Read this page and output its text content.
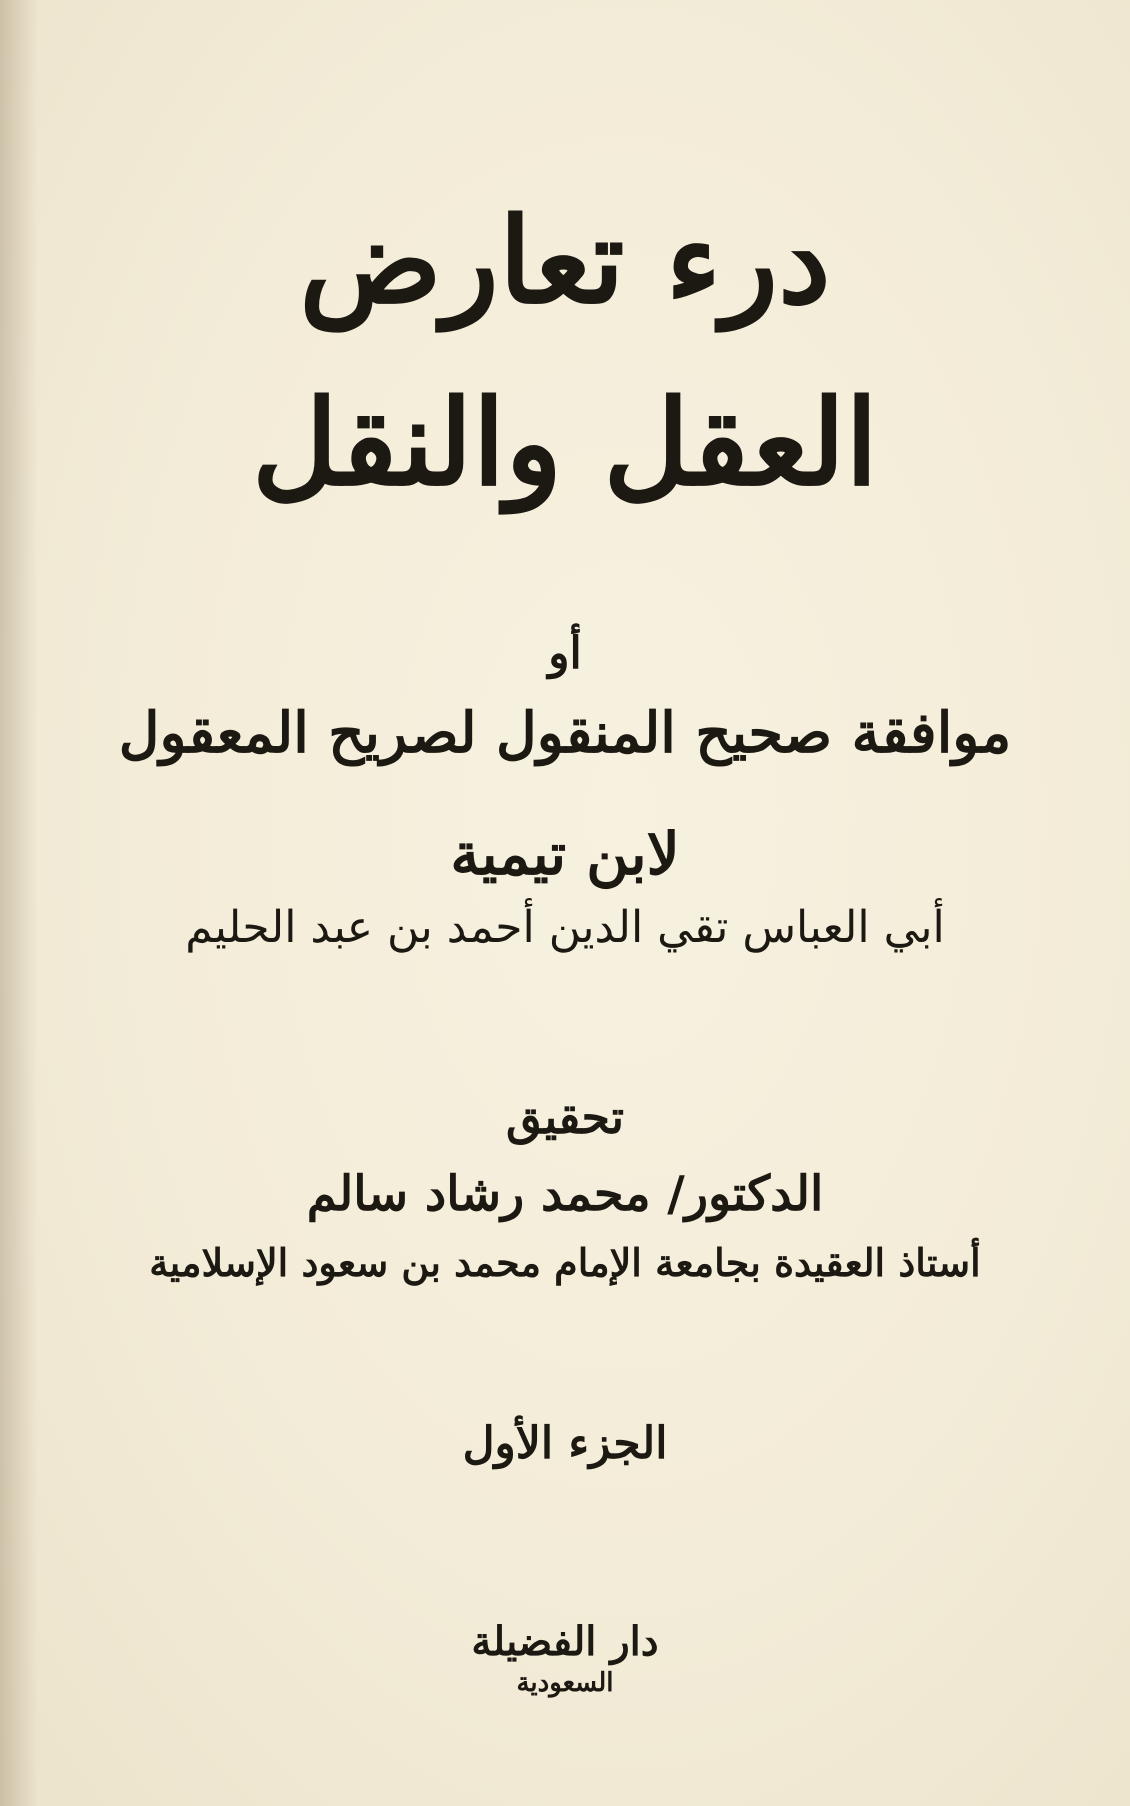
درء تعارض
العقل والنقل
أو
موافقة صحيح المنقول لصريح المعقول
لابن تيمية
أبي العباس تقي الدين أحمد بن عبد الحليم
تحقيق
الدكتور/ محمد رشاد سالم
أستاذ العقيدة بجامعة الإمام محمد بن سعود الإسلامية
الجزء الأول
دار الفضيلة
السعودية
